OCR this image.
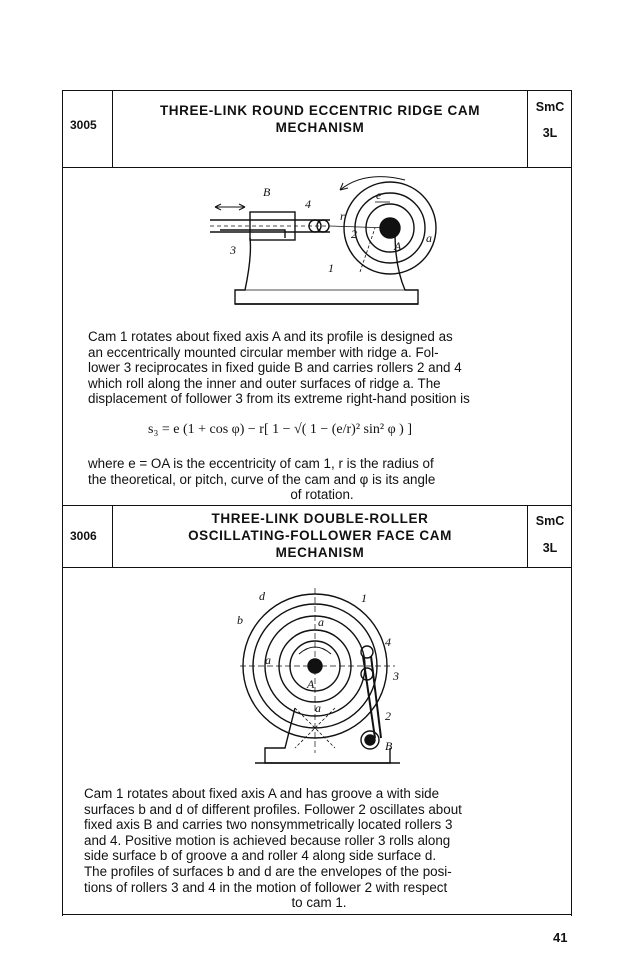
3005
THREE-LINK ROUND ECCENTRIC RIDGE CAM
MECHANISM
SmC
3L
B
4
e
r
3
2
A
a
1
Cam 1 rotates about fixed axis A and its profile is designed as
an eccentrically mounted circular member with ridge a. Fol-
lower 3 reciprocates in fixed guide B and carries rollers 2 and 4
which roll along the inner and outer surfaces of ridge a. The
displacement of follower 3 from its extreme right-hand position is
s₃ = e (1 + cos φ) − r[ 1 − √( 1 − (e/r)² sin² φ ) ]
where e = OA is the eccentricity of cam 1, r is the radius of
the theoretical, or pitch, curve of the cam and φ is its angle
of rotation.
3006
THREE-LINK DOUBLE-ROLLER
OSCILLATING-FOLLOWER FACE CAM
MECHANISM
SmC
3L
d	1
b	a
4
a
A
3
a
2
B
Cam 1 rotates about fixed axis A and has groove a with side
surfaces b and d of different profiles. Follower 2 oscillates about
fixed axis B and carries two nonsymmetrically located rollers 3
and 4. Positive motion is achieved because roller 3 rolls along
side surface b of groove a and roller 4 along side surface d.
The profiles of surfaces b and d are the envelopes of the posi-
tions of rollers 3 and 4 in the motion of follower 2 with respect
to cam 1.
41
